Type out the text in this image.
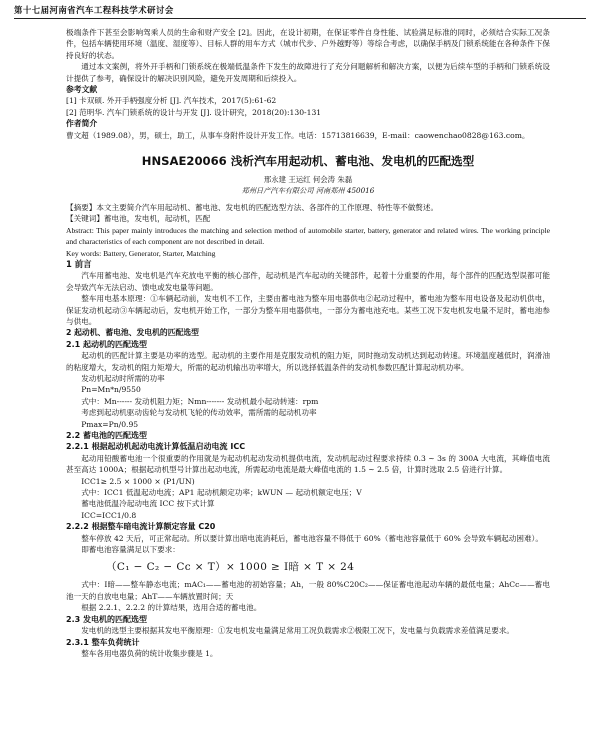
第十七届河南省汽车工程科技学术研讨会

极端条件下甚至会影响驾乘人员的生命和财产安全 [2]。因此，在设计初期，在保证零件自身性能、试验满足标准的同时，必须结合实际工况条件，包括车辆使用环境（温度、湿度等）、目标人群的用车方式（城市代步、户外越野等）等综合考虑，以确保手柄及门锁系统能在各种条件下保持良好的状态。

通过本文案例，将外开手柄和门锁系统在极端低温条件下发生的故障进行了充分问题解析和解决方案，以便为后续车型的手柄和门锁系统设计提供了参考，确保设计的解决识别风险，避免开发周期和后续投入。

参考文献

[1] 卡双硕. 外开手柄强度分析 [J]. 汽车技术，2017(5):61-62

[2] 范明华. 汽车门锁系统的设计与开发 [J]. 设计研究，2018(20):130-131

作者简介

曹文超（1989.08），男，硕士，助工，从事车身附件设计开发工作。电话：15713816639，E-mail：caowenchao0828@163.com。

HNSAE20066 浅析汽车用起动机、蓄电池、发电机的匹配选型
邢永建 王运红 何会涛 朱磊
郑州日产汽车有限公司 河南郑州 450016

【摘要】本文主要简介汽车用起动机、蓄电池、发电机的匹配选型方法、各部件的工作原理、特性等不做赘述。

【关键词】蓄电池，发电机，起动机，匹配

Abstract: This paper mainly introduces the matching and selection method of automobile starter, battery, generator and related wires. The working principle and characteristics of each component are not described in detail.

Key words: Battery, Generator, Starter, Matching

1 前言

汽车用蓄电池、发电机是汽车充放电平衡的核心部件，起动机是汽车起动的关键部件，起着十分重要的作用，每个部件的匹配选型误都可能会导致汽车无法启动、馈电或发电量等问题。

整车用电基本原理：①车辆起动前，发电机不工作，主要由蓄电池为整车用电器供电②起动过程中，蓄电池为整车用电设备及起动机供电，保证发动机起动③车辆起动后，发电机开始工作，一部分为整车用电器供电，一部分为蓄电池充电。某些工况下发电机发电量不足时，蓄电池参与供电。

2 起动机、蓄电池、发电机的匹配选型

2.1 起动机的匹配选型

起动机的匹配计算主要是功率的选型。起动机的主要作用是克服发动机的阻力矩，同时拖动发动机达到起动转速。环境温度越低时，润滑油的粘度增大，发动机的阻力矩增大，所需的起动机输出功率增大，所以选择低温条件的发动机参数匹配计算起动机功率。

发动机起动时所需的功率

Pn=Mn*n/9550

式中：Mn------ 发动机阻力矩；Nmn------- 发动机最小起动转速：rpm

考虑到起动机驱动齿轮与发动机飞轮的传动效率，需所需的起动机功率

Pmax=Pn/0.95

2.2 蓄电池的匹配选型

2.2.1 根据起动机起动电流计算低温启动电流 ICC

起动用铅酸蓄电池一个很重要的作用就是为起动机起动发动机提供电流，发动机起动过程要求持续 0.3 ~ 3s 的 300A 大电流，其峰值电流甚至高达 1000A；根据起动机型号计算出起动电流，所需起动电流是最大峰值电流的 1.5 ~ 2.5 倍，计算时选取 2.5 倍进行计算。

ICC1≥ 2.5 × 1000 × (P1/UN)

式中：ICC1 低温起动电流；AP1 起动机额定功率；kWUN — 起动机额定电压；V

蓄电池低温冷起动电流 ICC 按下式计算

ICC=ICC1/0.8

2.2.2 根据整车暗电流计算额定容量 C20

整车停放 42 天后，可正常起动。所以要计算出暗电流消耗后，蓄电池容量不得低于 60%（蓄电池容量低于 60% 会导致车辆起动困难）。

即蓄电池容量满足以下要求：

（C₁ − C₂ − Cc × T）× 1000 ≥ I暗 × T × 24

式中：I暗——整车静态电流；mAC₁——蓄电池的初始容量；Ah，一般 80%C20C₂——保证蓄电池起动车辆的最低电量；AhCc——蓄电池一天的自放电电量；AhT——车辆放置时间；天

根据 2.2.1、2.2.2 的计算结果，选用合适的蓄电池。

2.3 发电机的匹配选型

发电机的选型主要根据其发电平衡原理：①发电机发电量满足常用工况负载需求②极限工况下，发电量与负载需求差值满足要求。

2.3.1 整车负荷统计

整车各用电器负荷的统计收集步骤是 1。
